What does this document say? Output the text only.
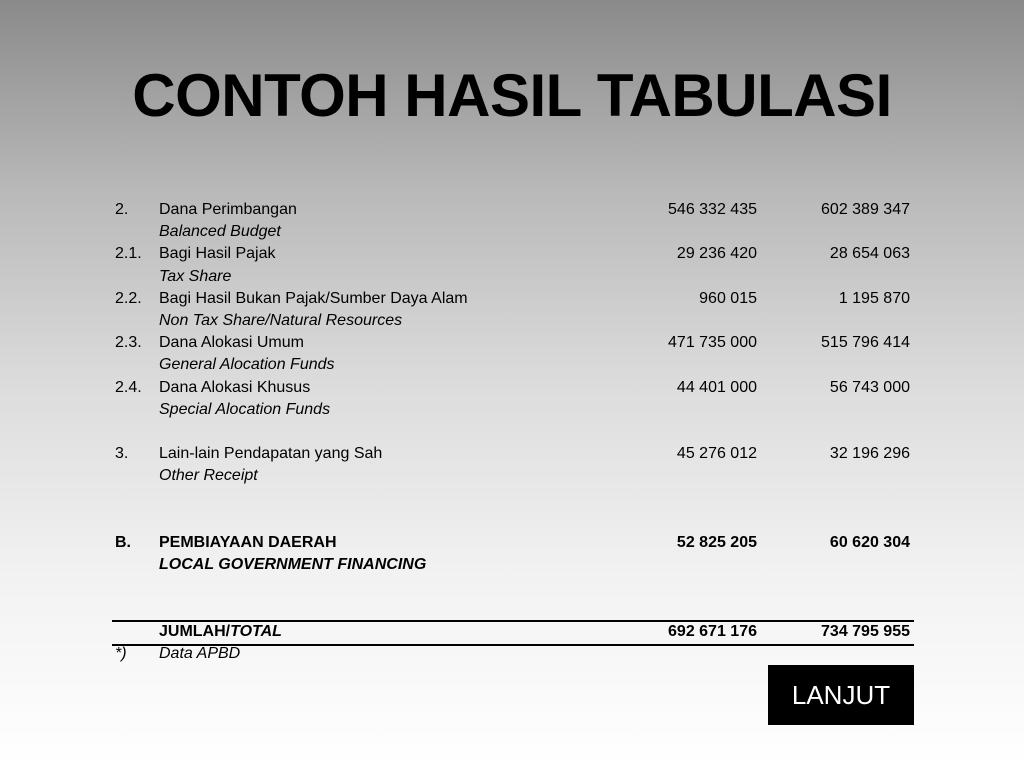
CONTOH HASIL TABULASI
2. Dana Perimbangan	546 332 435	602 389 347
Balanced Budget
2.1. Bagi Hasil Pajak	29 236 420	28 654 063
Tax Share
2.2. Bagi Hasil Bukan Pajak/Sumber Daya Alam	960 015	1 195 870
Non Tax Share/Natural Resources
2.3. Dana Alokasi Umum	471 735 000	515 796 414
General Alocation Funds
2.4. Dana Alokasi Khusus	44 401 000	56 743 000
Special Alocation Funds
3. Lain-lain Pendapatan yang Sah	45 276 012	32 196 296
Other Receipt
B. PEMBIAYAAN DAERAH	52 825 205	60 620 304
LOCAL GOVERNMENT FINANCING
JUMLAH/TOTAL	692 671 176	734 795 955
*) Data APBD
LANJUT
